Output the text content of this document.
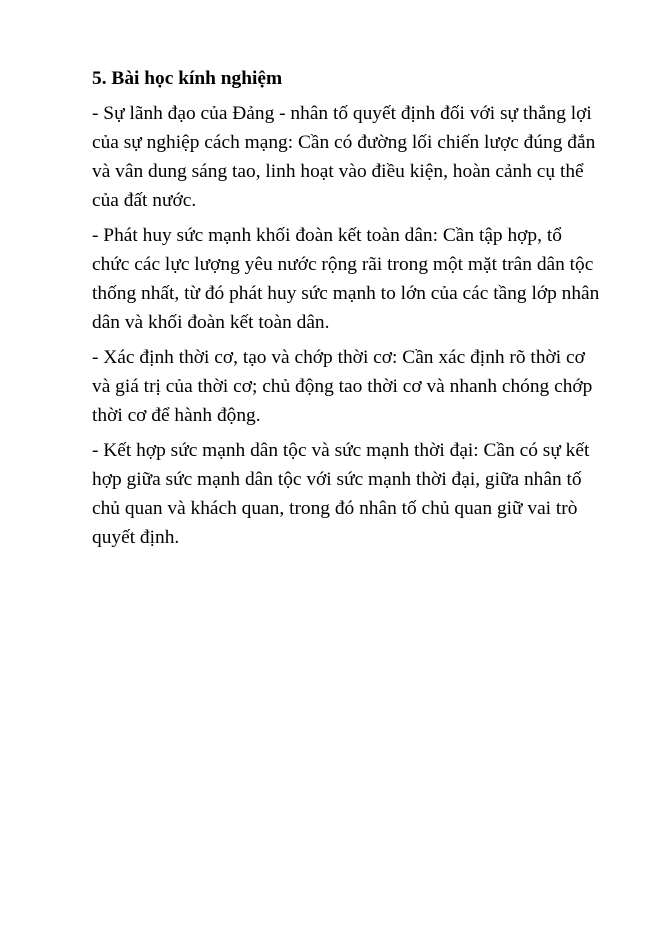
5. Bài học kính nghiệm
- Sự lãnh đạo của Đảng - nhân tố quyết định đối với sự thắng lợi của sự nghiệp cách mạng: Cần có đường lối chiến lược đúng đắn và vân dung sáng tao, linh hoạt vào điều kiện, hoàn cảnh cụ thể của đất nước.
- Phát huy sức mạnh khối đoàn kết toàn dân: Cần tập hợp, tổ chức các lực lượng yêu nước rộng rãi trong một mặt trân dân tộc thống nhất, từ đó phát huy sức mạnh to lớn của các tầng lớp nhân dân và khối đoàn kết toàn dân.
- Xác định thời cơ, tạo và chớp thời cơ: Cần xác định rõ thời cơ và giá trị của thời cơ; chủ động tao thời cơ và nhanh chóng chớp thời cơ để hành động.
- Kết hợp sức mạnh dân tộc và sức mạnh thời đại: Cần có sự kết hợp giữa sức mạnh dân tộc với sức mạnh thời đại, giữa nhân tố chủ quan và khách quan, trong đó nhân tố chủ quan giữ vai trò quyết định.
